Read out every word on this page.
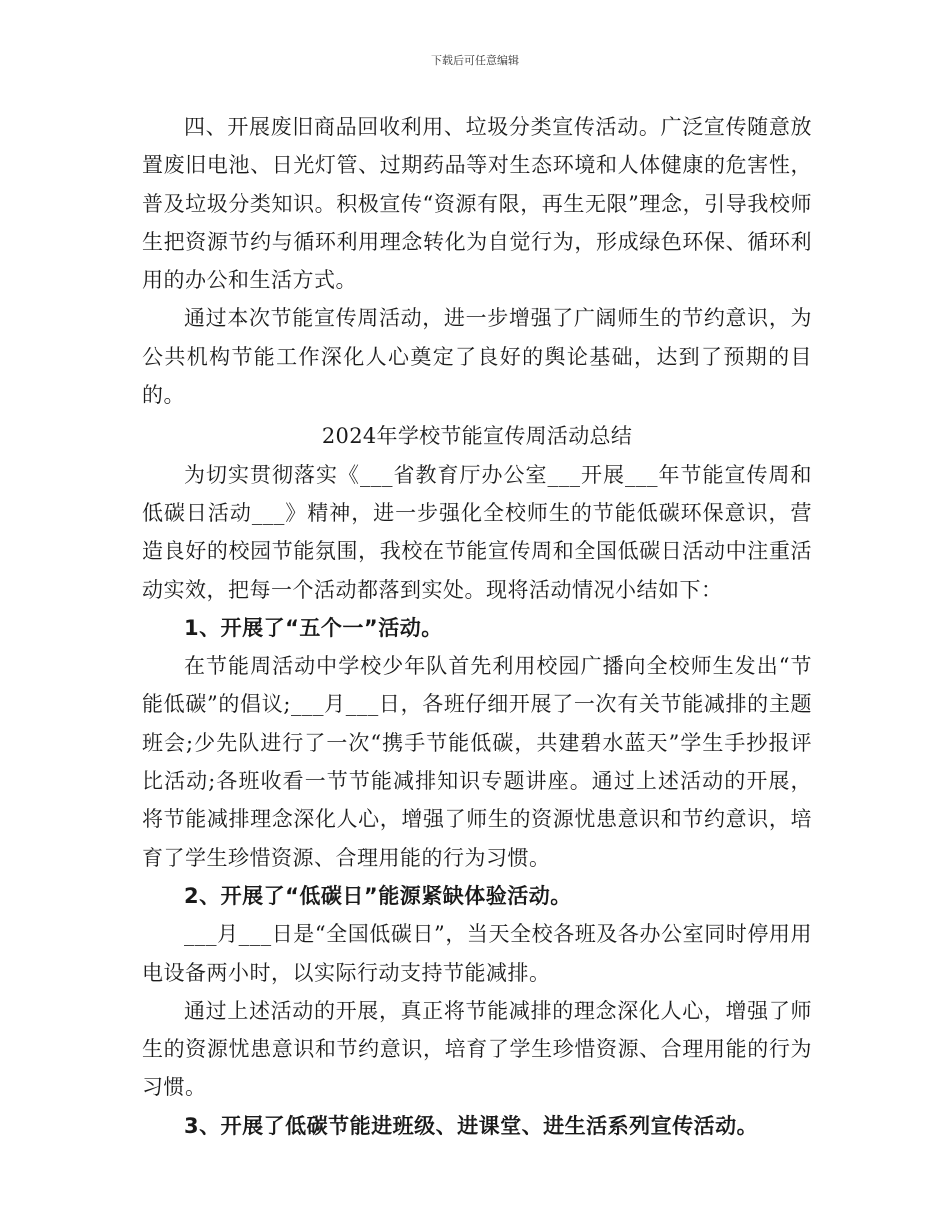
下载后可任意编辑

四、开展废旧商品回收利用、垃圾分类宣传活动。广泛宣传随意放置废旧电池、日光灯管、过期药品等对生态环境和人体健康的危害性，普及垃圾分类知识。积极宣传“资源有限，再生无限”理念，引导我校师生把资源节约与循环利用理念转化为自觉行为，形成绿色环保、循环利用的办公和生活方式。

通过本次节能宣传周活动，进一步增强了广阔师生的节约意识，为公共机构节能工作深化人心奠定了良好的舆论基础，达到了预期的目的。

2024年学校节能宣传周活动总结

为切实贯彻落实《___省教育厅办公室___开展___年节能宣传周和低碳日活动___》精神，进一步强化全校师生的节能低碳环保意识，营造良好的校园节能氛围，我校在节能宣传周和全国低碳日活动中注重活动实效，把每一个活动都落到实处。现将活动情况小结如下：

1、开展了“五个一”活动。

在节能周活动中学校少年队首先利用校园广播向全校师生发出“节能低碳”的倡议;___月___日，各班仔细开展了一次有关节能减排的主题班会;少先队进行了一次“携手节能低碳，共建碧水蓝天”学生手抄报评比活动;各班收看一节节能减排知识专题讲座。通过上述活动的开展，将节能减排理念深化人心，增强了师生的资源忧患意识和节约意识，培育了学生珍惜资源、合理用能的行为习惯。

2、开展了“低碳日”能源紧缺体验活动。

___月___日是“全国低碳日”，当天全校各班及各办公室同时停用用电设备两小时，以实际行动支持节能减排。

通过上述活动的开展，真正将节能减排的理念深化人心，增强了师生的资源忧患意识和节约意识，培育了学生珍惜资源、合理用能的行为习惯。

3、开展了低碳节能进班级、进课堂、进生活系列宣传活动。
